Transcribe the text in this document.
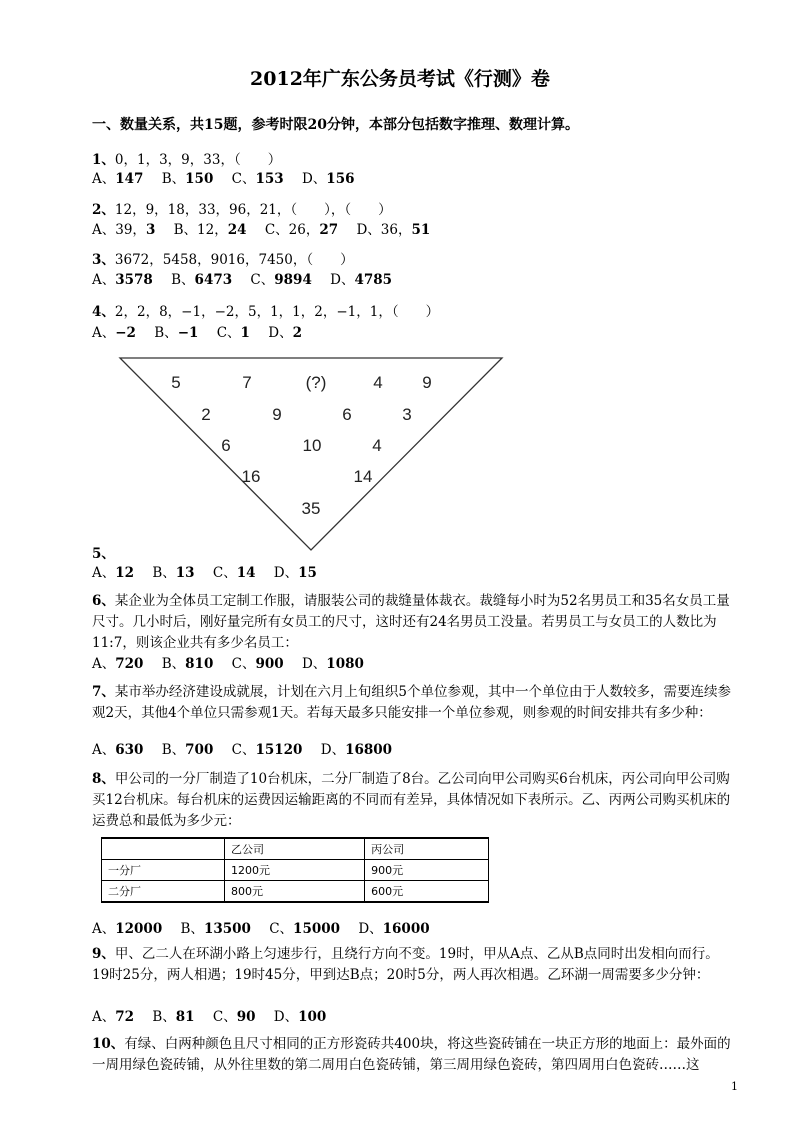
2012年广东公务员考试《行测》卷
一、数量关系，共15题，参考时限20分钟，本部分包括数字推理、数理计算。
1、0，1，3，9，33，（　　）
A、147 B、150 C、153 D、156
2、12，9，18，33，96，21，（　　），（　　）
A、39，3 B、12，24 C、26，27 D、36，51
3、3672，5458，9016，7450，（　　）
A、3578 B、6473 C、9894 D、4785
4、2，2，8，−1，−2，5，1，1，2，−1，1，（　　）
A、−2 B、−1 C、1 D、2
5	7	(?)	4 9
2	9	6	3
6	10	4
16	14
35
5、
A、12 B、13 C、14 D、15
6、某企业为全体员工定制工作服，请服装公司的裁缝量体裁衣。裁缝每小时为52名男员工和35名女员工量尺寸。几小时后，刚好量完所有女员工的尺寸，这时还有24名男员工没量。若男员工与女员工的人数比为11:7，则该企业共有多少名员工：
A、720 B、810 C、900 D、1080
7、某市举办经济建设成就展，计划在六月上旬组织5个单位参观，其中一个单位由于人数较多，需要连续参观2天，其他4个单位只需参观1天。若每天最多只能安排一个单位参观，则参观的时间安排共有多少种：
A、630 B、700 C、15120 D、16800
8、甲公司的一分厂制造了10台机床，二分厂制造了8台。乙公司向甲公司购买6台机床，丙公司向甲公司购买12台机床。每台机床的运费因运输距离的不同而有差异，具体情况如下表所示。乙、丙两公司购买机床的运费总和最低为多少元：
	乙公司	丙公司
一分厂	1200元	900元
二分厂	800元	600元
A、12000 B、13500 C、15000 D、16000
9、甲、乙二人在环湖小路上匀速步行，且绕行方向不变。19时，甲从A点、乙从B点同时出发相向而行。19时25分，两人相遇；19时45分，甲到达B点；20时5分，两人再次相遇。乙环湖一周需要多少分钟：
A、72 B、81 C、90 D、100
10、有绿、白两种颜色且尺寸相同的正方形瓷砖共400块，将这些瓷砖铺在一块正方形的地面上：最外面的一周用绿色瓷砖铺，从外往里数的第二周用白色瓷砖铺，第三周用绿色瓷砖，第四周用白色瓷砖……这
1
